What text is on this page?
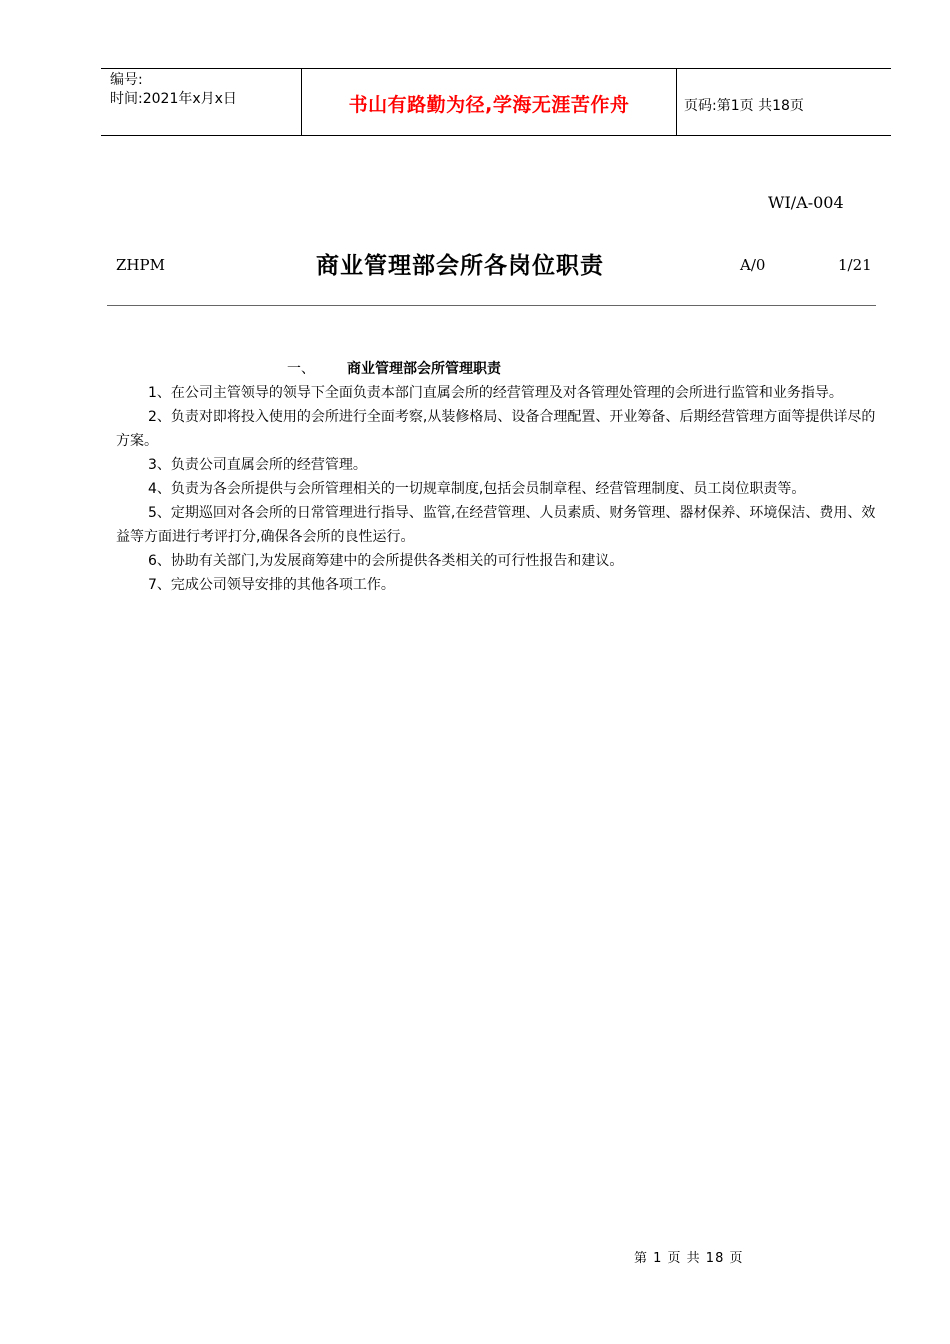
编号:
时间:2021年x月x日	书山有路勤为径,学海无涯苦作舟	页码:第1页 共18页
WI/A-004
ZHPM	商业管理部会所各岗位职责	A/0	1/21
一、 商业管理部会所管理职责

1、在公司主管领导的领导下全面负责本部门直属会所的经营管理及对各管理处管理的会所进行监管和业务指导。

2、负责对即将投入使用的会所进行全面考察,从装修格局、设备合理配置、开业筹备、后期经营管理方面等提供详尽的方案。

3、负责公司直属会所的经营管理。

4、负责为各会所提供与会所管理相关的一切规章制度,包括会员制章程、经营管理制度、员工岗位职责等。

5、定期巡回对各会所的日常管理进行指导、监管,在经营管理、人员素质、财务管理、器材保养、环境保洁、费用、效益等方面进行考评打分,确保各会所的良性运行。

6、协助有关部门,为发展商筹建中的会所提供各类相关的可行性报告和建议。

7、完成公司领导安排的其他各项工作。

第 1 页 共 18 页
